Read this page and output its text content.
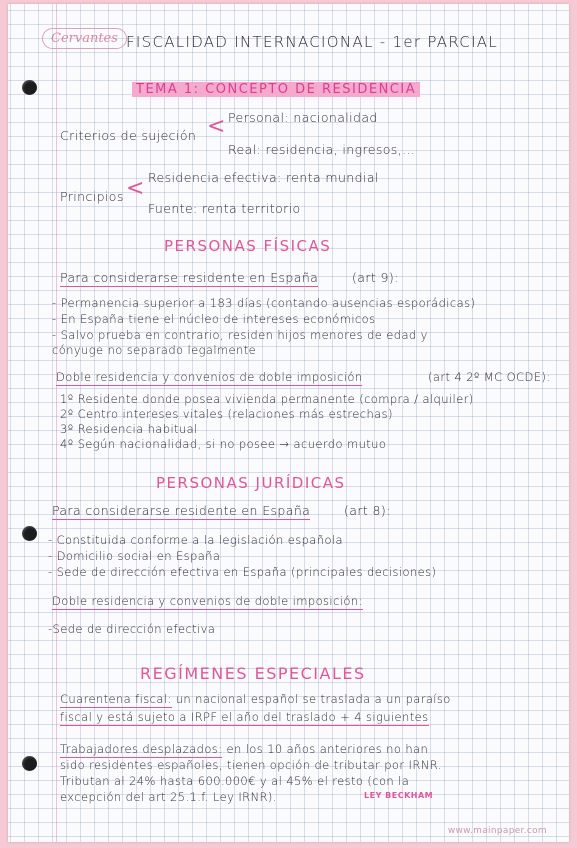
Cervantes FISCALIDAD INTERNACIONAL - 1er PARCIAL
TEMA 1: CONCEPTO DE RESIDENCIA
Criterios de sujeción < Personal: nacionalidad
Real: residencia, ingresos,...
Principios < Residencia efectiva: renta mundial
Fuente: renta territorio
PERSONAS FÍSICAS
Para considerarse residente en España	(art 9):
- Permanencia superior a 183 días (contando ausencias esporádicas)
- En España tiene el núcleo de intereses económicos
- Salvo prueba en contrario, residen hijos menores de edad y
cónyuge no separado legalmente
Doble residencia y convenios de doble imposición	(art 4 2º MC OCDE):
1º Residente donde posea vivienda permanente (compra / alquiler)
2º Centro intereses vitales (relaciones más estrechas)
3º Residencia habitual
4º Según nacionalidad, si no posee → acuerdo mutuo
PERSONAS JURÍDICAS
Para considerarse residente en España	(art 8):
- Constituida conforme a la legislación española
- Domicilio social en España
- Sede de dirección efectiva en España (principales decisiones)
Doble residencia y convenios de doble imposición:
-Sede de dirección efectiva
REGÍMENES ESPECIALES
Cuarentena fiscal: un nacional español se traslada a un paraíso
fiscal y está sujeto a IRPF el año del traslado + 4 siguientes
Trabajadores desplazados: en los 10 años anteriores no han
sido residentes españoles, tienen opción de tributar por IRNR.
Tributan al 24% hasta 600.000€ y al 45% el resto (con la
excepción del art 25.1.f. Ley IRNR).	LEY BECKHAM
www.mainpaper.com
